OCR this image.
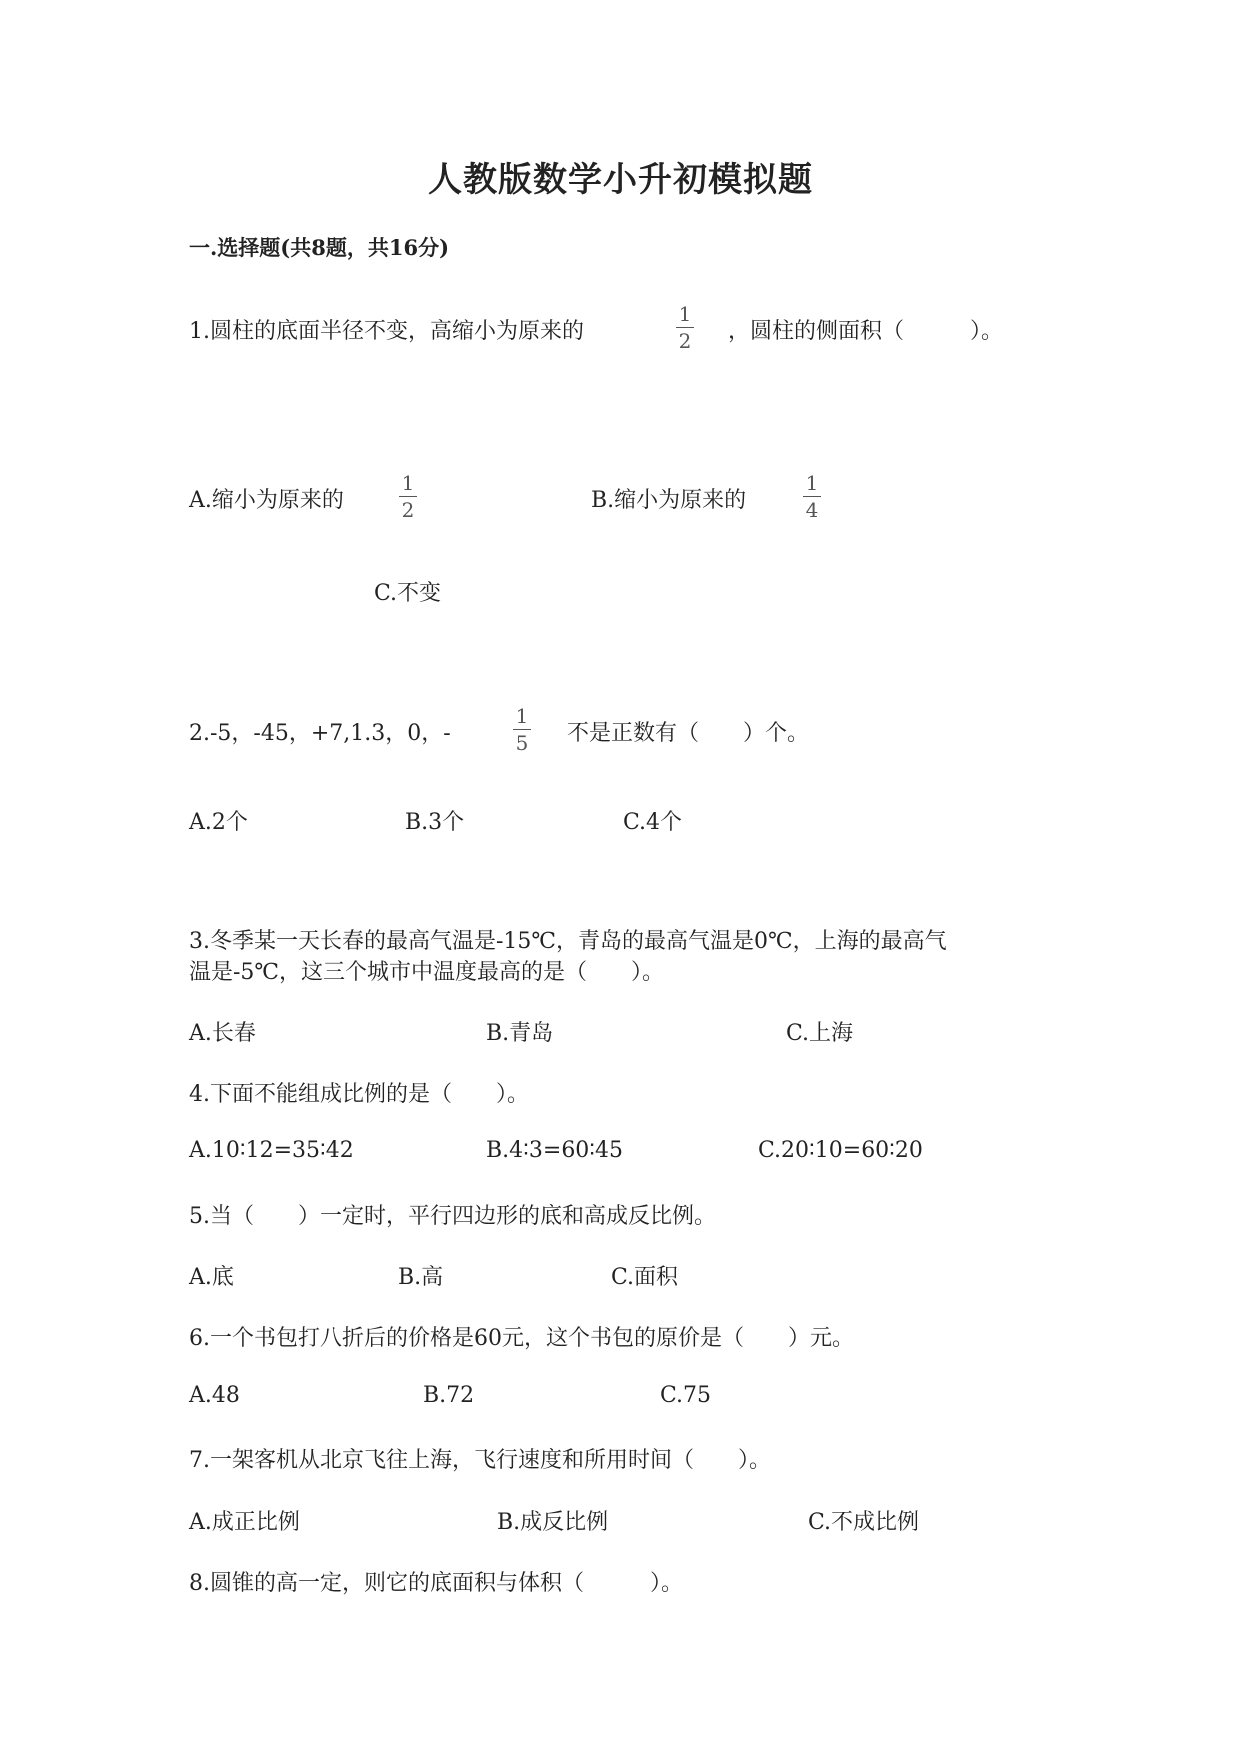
人教版数学小升初模拟题
一.选择题(共8题，共16分)
1.圆柱的底面半径不变，高缩小为原来的
1
2 ，圆柱的侧面积（　　　）。
A.缩小为原来的
1
2	B.缩小为原来的
1
4
C.不变
2.-5，-45，+7,1.3，0，-
1
5 不是正数有（　　）个。
A.2个	B.3个	C.4个
3.冬季某一天长春的最高气温是-15℃，青岛的最高气温是0℃，上海的最高气
温是-5℃，这三个城市中温度最高的是（　　）。
A.长春	B.青岛	C.上海
4.下面不能组成比例的是（　　）。
A.10∶12=35∶42	B.4∶3=60∶45	C.20∶10=60∶20
5.当（　　）一定时，平行四边形的底和高成反比例。
A.底	B.高	C.面积
6.一个书包打八折后的价格是60元，这个书包的原价是（　　）元。
A.48	B.72	C.75
7.一架客机从北京飞往上海，飞行速度和所用时间（　　）。
A.成正比例	B.成反比例	C.不成比例
8.圆锥的高一定，则它的底面积与体积（　　　）。
